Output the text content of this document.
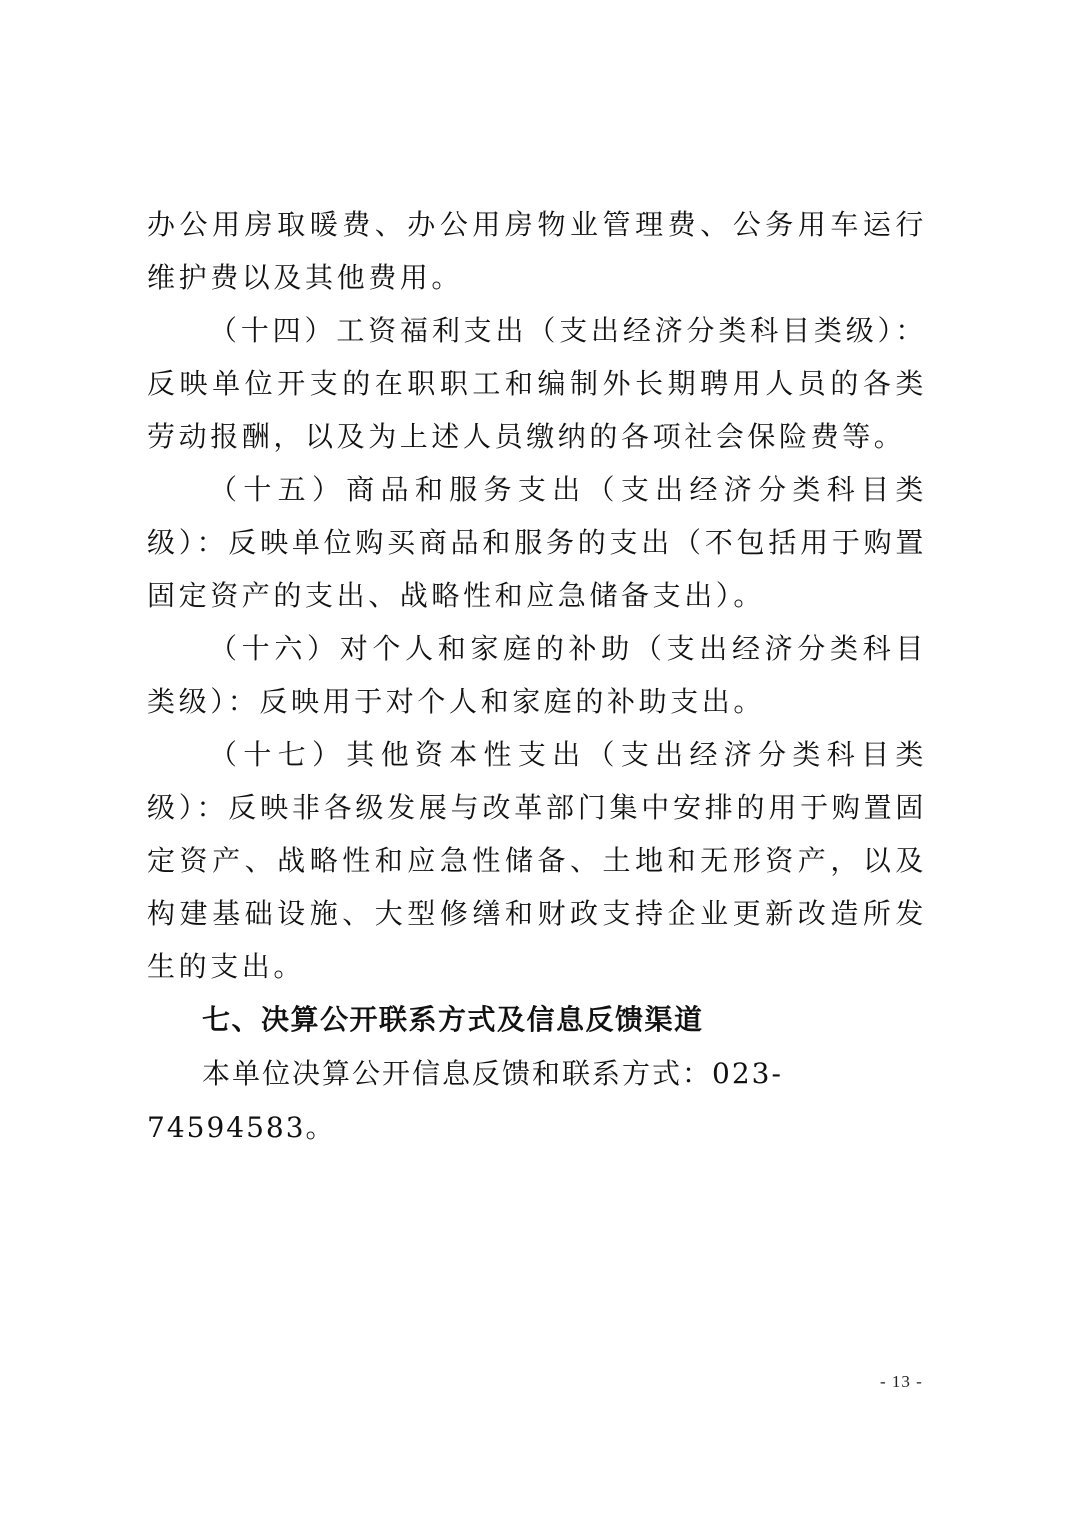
办公用房取暖费、办公用房物业管理费、公务用车运行维护费以及其他费用。

（十四）工资福利支出（支出经济分类科目类级）：反映单位开支的在职职工和编制外长期聘用人员的各类劳动报酬，以及为上述人员缴纳的各项社会保险费等。

（十五）商品和服务支出（支出经济分类科目类级）：反映单位购买商品和服务的支出（不包括用于购置固定资产的支出、战略性和应急储备支出）。

（十六）对个人和家庭的补助（支出经济分类科目类级）：反映用于对个人和家庭的补助支出。

（十七）其他资本性支出（支出经济分类科目类级）：反映非各级发展与改革部门集中安排的用于购置固定资产、战略性和应急性储备、土地和无形资产，以及构建基础设施、大型修缮和财政支持企业更新改造所发生的支出。

七、决算公开联系方式及信息反馈渠道

本单位决算公开信息反馈和联系方式：023-74594583。

- 13 -
